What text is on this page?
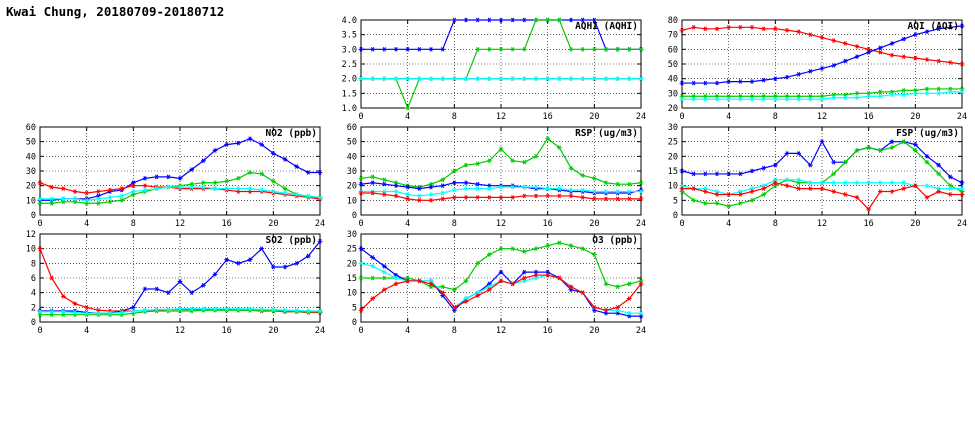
Kwai Chung, 20180709-20180712
1.0
1.5
2.0
2.5
3.0
3.5
4.0
0	4	8	12	16	20	24
AQHI (AQHI)
20
30
40
50
60
70
80
0	4	8	12	16	20	24
AQI (AQI)
0
10
20
30
40
50
60
0	4	8	12	16	20	24
NO2 (ppb)
0
10
20
30
40
50
60
0	4	8	12	16	20	24
RSP (ug/m3)
0
5
10
15
20
25
30
0	4	8	12	16	20	24
FSP (ug/m3)
0
2
4
6
8
10
12
0	4	8	12	16	20	24
SO2 (ppb)
0
5
10
15
20
25
30
0	4	8	12	16	20	24
O3 (ppb)
